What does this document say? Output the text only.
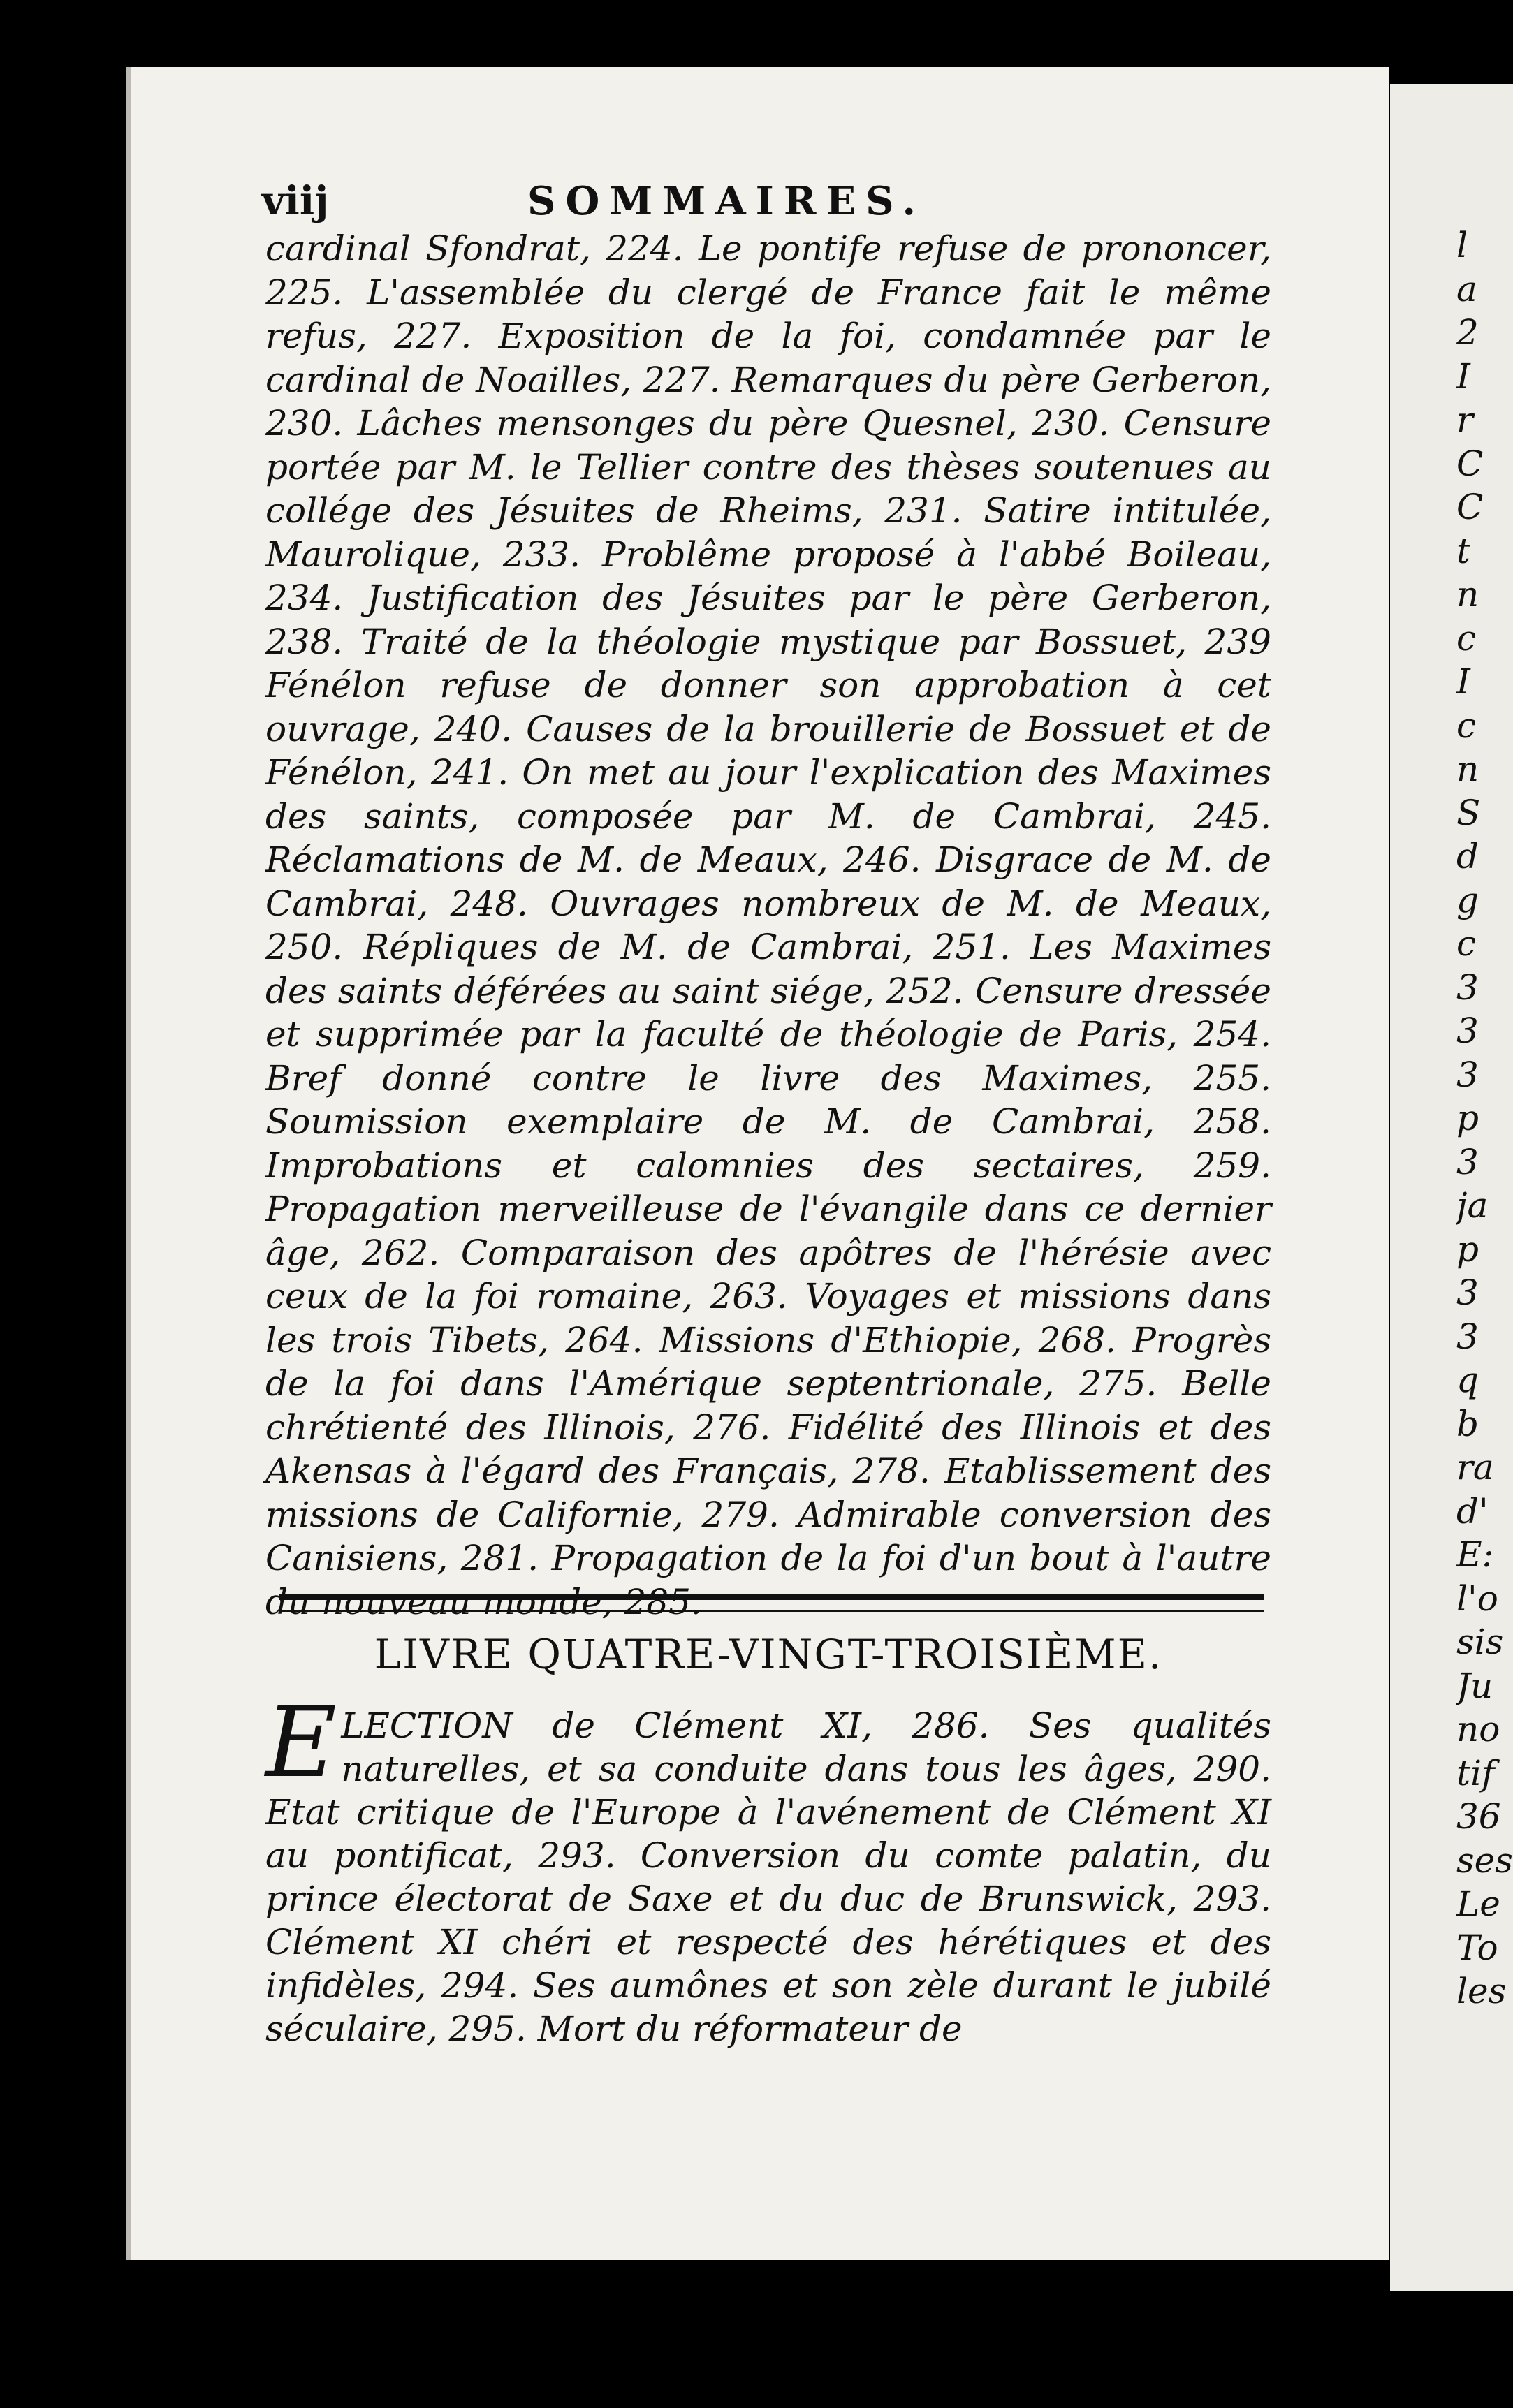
viij	SOMMAIRES.

cardinal Sfondrat, 224. Le pontife refuse de prononcer, 225. L'assemblée du clergé de France fait le même refus, 227. Exposition de la foi, condamnée par le cardinal de Noailles, 227. Remarques du père Gerberon, 230. Lâches mensonges du père Quesnel, 230. Censure portée par M. le Tellier contre des thèses soutenues au collége des Jésuites de Rheims, 231. Satire intitulée, Maurolique, 233. Problême proposé à l'abbé Boileau, 234. Justification des Jésuites par le père Gerberon, 238. Traité de la théologie mystique par Bossuet, 239 Fénélon refuse de donner son approbation à cet ouvrage, 240. Causes de la brouillerie de Bossuet et de Fénélon, 241. On met au jour l'explication des Maximes des saints, composée par M. de Cambrai, 245. Réclamations de M. de Meaux, 246. Disgrace de M. de Cambrai, 248. Ouvrages nombreux de M. de Meaux, 250. Répliques de M. de Cambrai, 251. Les Maximes des saints déférées au saint siége, 252. Censure dressée et supprimée par la faculté de théologie de Paris, 254. Bref donné contre le livre des Maximes, 255. Soumission exemplaire de M. de Cambrai, 258. Improbations et calomnies des sectaires, 259. Propagation merveilleuse de l'évangile dans ce dernier âge, 262. Comparaison des apôtres de l'hérésie avec ceux de la foi romaine, 263. Voyages et missions dans les trois Tibets, 264. Missions d'Ethiopie, 268. Progrès de la foi dans l'Amérique septentrionale, 275. Belle chrétienté des Illinois, 276. Fidélité des Illinois et des Akensas à l'égard des Français, 278. Etablissement des missions de Californie, 279. Admirable conversion des Canisiens, 281. Propagation de la foi d'un bout à l'autre du nouveau monde, 285.

LIVRE QUATRE-VINGT-TROISIÈME.

ELECTION de Clément XI, 286. Ses qualités naturelles, et sa conduite dans tous les âges, 290. Etat critique de l'Europe à l'avénement de Clément XI au pontificat, 293. Conversion du comte palatin, du prince électorat de Saxe et du duc de Brunswick, 293. Clément XI chéri et respecté des hérétiques et des infidèles, 294. Ses aumônes et son zèle durant le jubilé séculaire, 295. Mort du réformateur de

l
a
2
I
r
C
C
t
n
c
I
c
n
S
d
g
c
3
3
3
p
3
ja
p
3
3
q
b
ra
d'
E:
l'o
sis
Ju
no
tif
36
ses
Le
To
les
